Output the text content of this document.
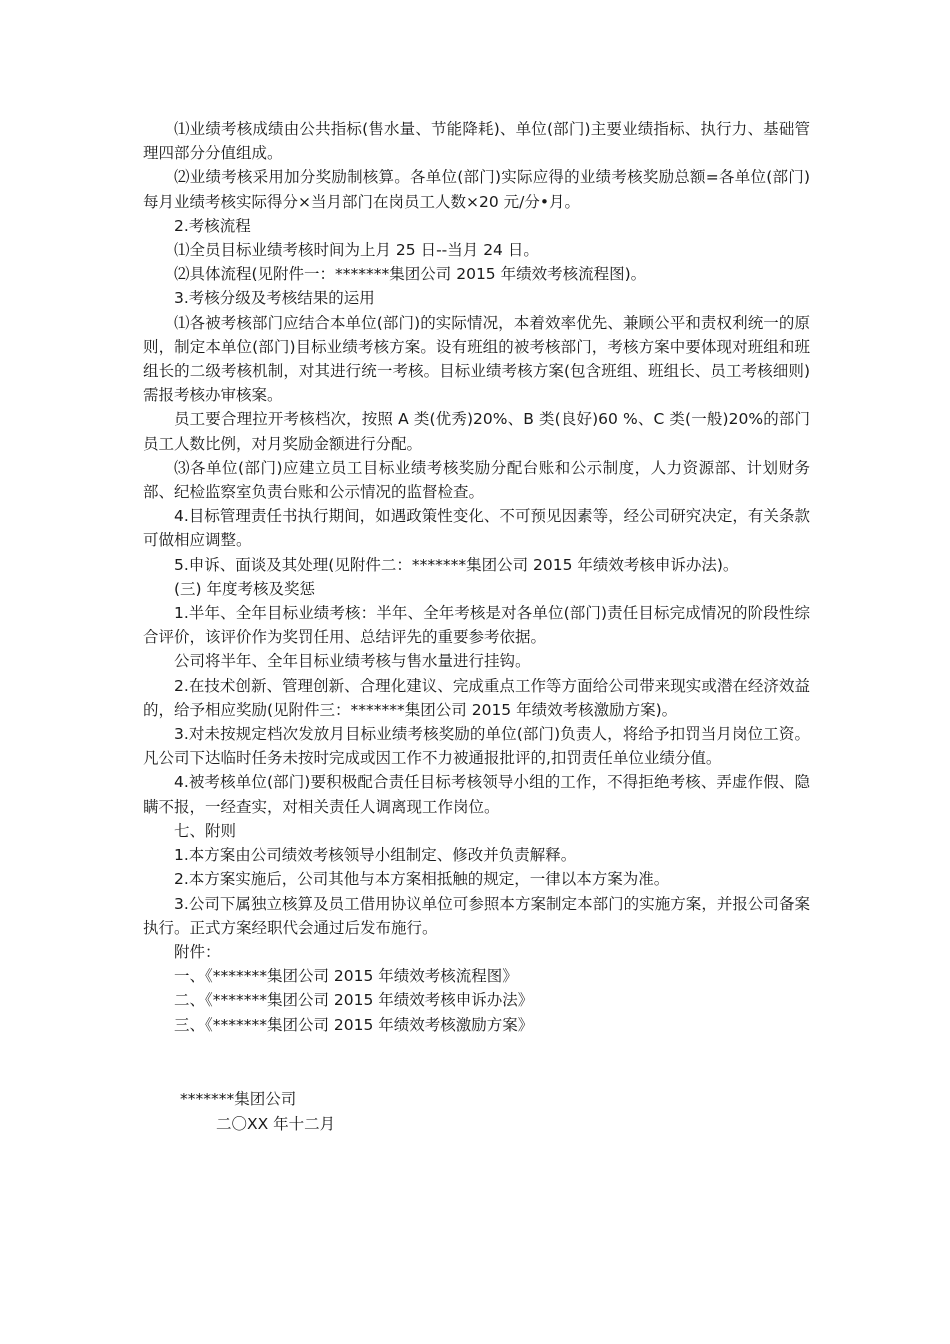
⑴业绩考核成绩由公共指标(售水量、节能降耗)、单位(部门)主要业绩指标、执行力、基础管理四部分分值组成。

⑵业绩考核采用加分奖励制核算。各单位(部门)实际应得的业绩考核奖励总额=各单位(部门)每月业绩考核实际得分×当月部门在岗员工人数×20 元/分•月。

2.考核流程

⑴全员目标业绩考核时间为上月 25 日--当月 24 日。

⑵具体流程(见附件一：*******集团公司 2015 年绩效考核流程图)。

3.考核分级及考核结果的运用

⑴各被考核部门应结合本单位(部门)的实际情况，本着效率优先、兼顾公平和责权利统一的原则，制定本单位(部门)目标业绩考核方案。设有班组的被考核部门，考核方案中要体现对班组和班组长的二级考核机制，对其进行统一考核。目标业绩考核方案(包含班组、班组长、员工考核细则)需报考核办审核案。

员工要合理拉开考核档次，按照 A 类(优秀)20%、B 类(良好)60 %、C 类(一般)20%的部门员工人数比例，对月奖励金额进行分配。

⑶各单位(部门)应建立员工目标业绩考核奖励分配台账和公示制度，人力资源部、计划财务部、纪检监察室负责台账和公示情况的监督检查。

4.目标管理责任书执行期间，如遇政策性变化、不可预见因素等，经公司研究决定，有关条款可做相应调整。

5.申诉、面谈及其处理(见附件二：*******集团公司 2015 年绩效考核申诉办法)。

(三) 年度考核及奖惩

1.半年、全年目标业绩考核：半年、全年考核是对各单位(部门)责任目标完成情况的阶段性综合评价，该评价作为奖罚任用、总结评先的重要参考依据。

公司将半年、全年目标业绩考核与售水量进行挂钩。

2.在技术创新、管理创新、合理化建议、完成重点工作等方面给公司带来现实或潜在经济效益的，给予相应奖励(见附件三：*******集团公司 2015 年绩效考核激励方案)。

3.对未按规定档次发放月目标业绩考核奖励的单位(部门)负责人，将给予扣罚当月岗位工资。凡公司下达临时任务未按时完成或因工作不力被通报批评的,扣罚责任单位业绩分值。

4.被考核单位(部门)要积极配合责任目标考核领导小组的工作，不得拒绝考核、弄虚作假、隐瞒不报，一经查实，对相关责任人调离现工作岗位。

七、附则

1.本方案由公司绩效考核领导小组制定、修改并负责解释。

2.本方案实施后，公司其他与本方案相抵触的规定，一律以本方案为准。

3.公司下属独立核算及员工借用协议单位可参照本方案制定本部门的实施方案，并报公司备案执行。正式方案经职代会通过后发布施行。

附件：

一、《*******集团公司 2015 年绩效考核流程图》

二、《*******集团公司 2015 年绩效考核申诉办法》

三、《*******集团公司 2015 年绩效考核激励方案》

*******集团公司
二〇XX 年十二月
